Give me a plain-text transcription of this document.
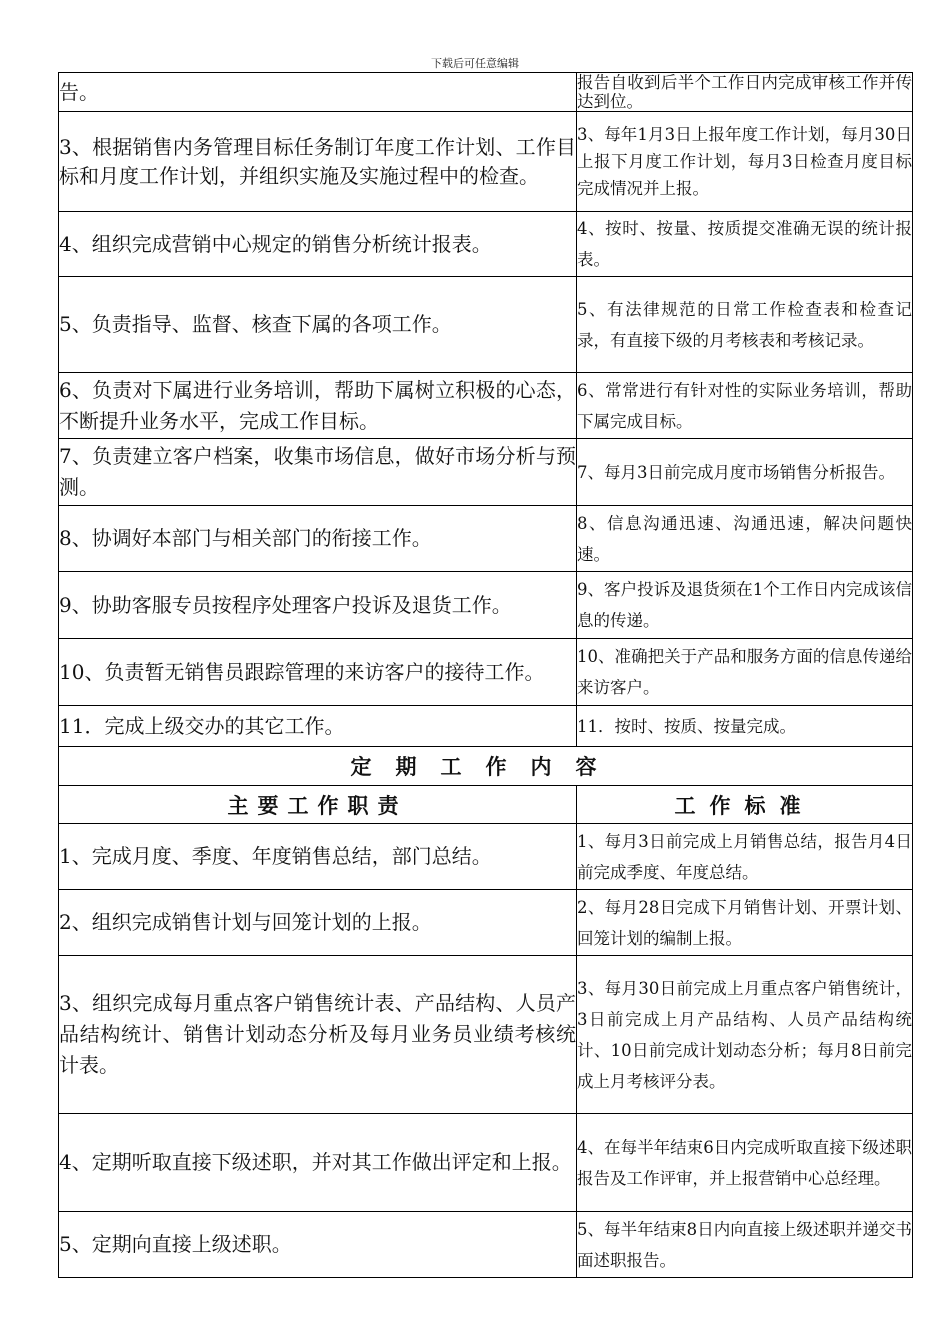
下载后可任意编辑
告。	报告自收到后半个工作日内完成审核工作并传达到位。
3、根据销售内务管理目标任务制订年度工作计划、工作目标和月度工作计划，并组织实施及实施过程中的检查。	3、每年1月3日上报年度工作计划，每月30日上报下月度工作计划，每月3日检查月度目标完成情况并上报。
4、组织完成营销中心规定的销售分析统计报表。	4、按时、按量、按质提交准确无误的统计报表。
5、负责指导、监督、核查下属的各项工作。	5、有法律规范的日常工作检查表和检查记录，有直接下级的月考核表和考核记录。
6、负责对下属进行业务培训，帮助下属树立积极的心态，不断提升业务水平，完成工作目标。	6、常常进行有针对性的实际业务培训，帮助下属完成目标。
7、负责建立客户档案，收集市场信息，做好市场分析与预测。	7、每月3日前完成月度市场销售分析报告。
8、协调好本部门与相关部门的衔接工作。	8、信息沟通迅速、沟通迅速，解决问题快速。
9、协助客服专员按程序处理客户投诉及退货工作。	9、客户投诉及退货须在1个工作日内完成该信息的传递。
10、负责暂无销售员跟踪管理的来访客户的接待工作。	10、准确把关于产品和服务方面的信息传递给来访客户。
11．完成上级交办的其它工作。	11．按时、按质、按量完成。
定期工作内容	
主要工作职责	工作标准
1、完成月度、季度、年度销售总结，部门总结。	1、每月3日前完成上月销售总结，报告月4日前完成季度、年度总结。
2、组织完成销售计划与回笼计划的上报。	2、每月28日完成下月销售计划、开票计划、回笼计划的编制上报。
3、组织完成每月重点客户销售统计表、产品结构、人员产品结构统计、销售计划动态分析及每月业务员业绩考核统计表。	3、每月30日前完成上月重点客户销售统计，3日前完成上月产品结构、人员产品结构统计、10日前完成计划动态分析；每月8日前完成上月考核评分表。
4、定期听取直接下级述职，并对其工作做出评定和上报。	4、在每半年结束6日内完成听取直接下级述职报告及工作评审，并上报营销中心总经理。
5、定期向直接上级述职。	5、每半年结束8日内向直接上级述职并递交书面述职报告。
